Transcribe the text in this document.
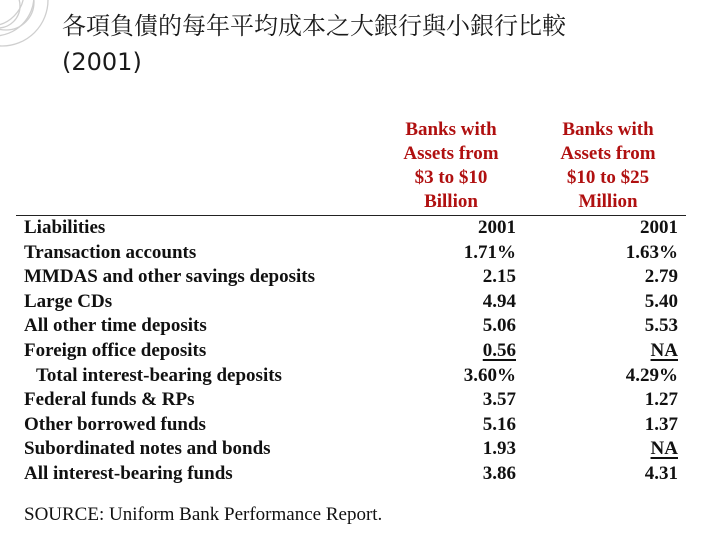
各項負債的每年平均成本之大銀行與小銀行比較
(2001)
Banks with
Assets from
$3 to $10
Billion
Banks with
Assets from
$10 to $25
Million
Liabilities	2001	2001
Transaction accounts	1.71%	1.63%
MMDAS and other savings deposits	2.15	2.79
Large CDs	4.94	5.40
All other time deposits	5.06	5.53
Foreign office deposits	0.56	NA
Total interest-bearing deposits	3.60%	4.29%
Federal funds & RPs	3.57	1.27
Other borrowed funds	5.16	1.37
Subordinated notes and bonds	1.93	NA
All interest-bearing funds	3.86	4.31
SOURCE: Uniform Bank Performance Report.
